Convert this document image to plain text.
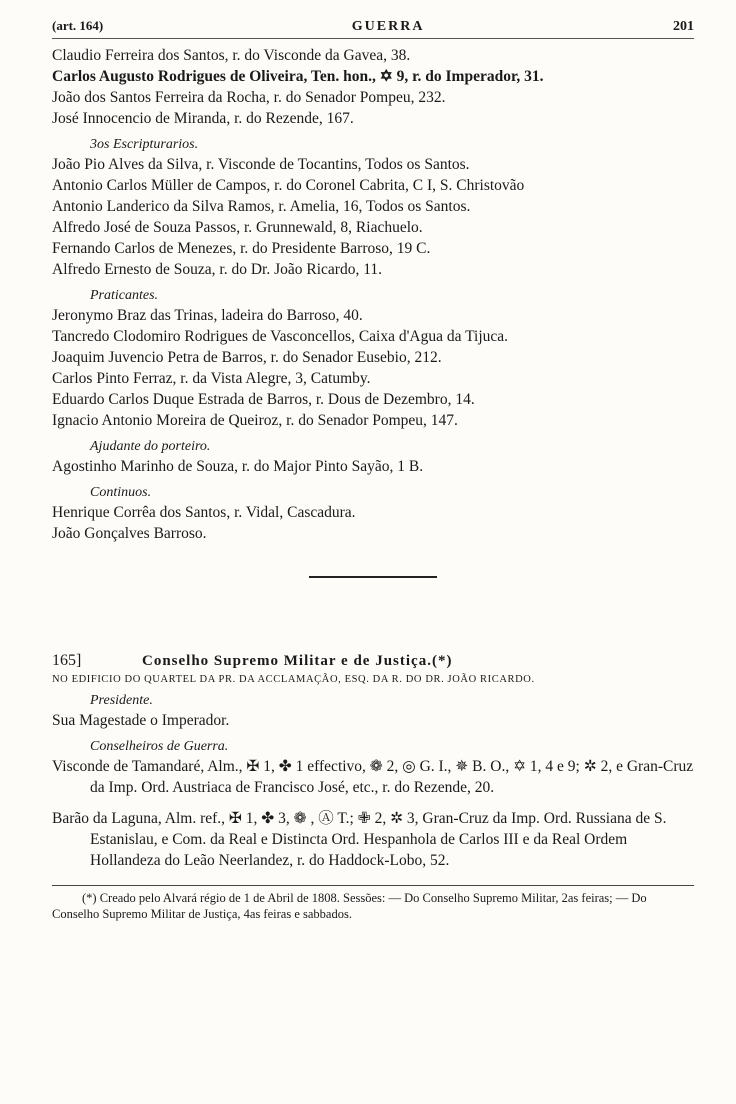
(art. 164)	GUERRA	201
Claudio Ferreira dos Santos, r. do Visconde da Gavea, 38.
Carlos Augusto Rodrigues de Oliveira, Ten. hon., ✡ 9, r. do Imperador, 31.
João dos Santos Ferreira da Rocha, r. do Senador Pompeu, 232.
José Innocencio de Miranda, r. do Rezende, 167.
3os Escripturarios.
João Pio Alves da Silva, r. Visconde de Tocantins, Todos os Santos.
Antonio Carlos Müller de Campos, r. do Coronel Cabrita, C I, S. Christovão
Antonio Landerico da Silva Ramos, r. Amelia, 16, Todos os Santos.
Alfredo José de Souza Passos, r. Grunnewald, 8, Riachuelo.
Fernando Carlos de Menezes, r. do Presidente Barroso, 19 C.
Alfredo Ernesto de Souza, r. do Dr. João Ricardo, 11.
Praticantes.
Jeronymo Braz das Trinas, ladeira do Barroso, 40.
Tancredo Clodomiro Rodrigues de Vasconcellos, Caixa d'Agua da Tijuca.
Joaquim Juvencio Petra de Barros, r. do Senador Eusebio, 212.
Carlos Pinto Ferraz, r. da Vista Alegre, 3, Catumby.
Eduardo Carlos Duque Estrada de Barros, r. Dous de Dezembro, 14.
Ignacio Antonio Moreira de Queiroz, r. do Senador Pompeu, 147.
Ajudante do porteiro.
Agostinho Marinho de Souza, r. do Major Pinto Sayão, 1 B.
Continuos.
Henrique Corrêa dos Santos, r. Vidal, Cascadura.
João Gonçalves Barroso.
165]	Conselho Supremo Militar e de Justiça.(*)
NO EDIFICIO DO QUARTEL DA PR. DA ACCLAMAÇÃO, ESQ. DA R. DO DR. JOÃO RICARDO.
Presidente.
Sua Magestade o Imperador.
Conselheiros de Guerra.
Visconde de Tamandaré, Alm., ✠ 1, ✤ 1 effectivo, ❁ 2, ◎ G. I., ✵ B. O., ✡ 1, 4 e 9; ✲ 2, e Gran-Cruz da Imp. Ord. Austriaca de Francisco José, etc., r. do Rezende, 20.
Barão da Laguna, Alm. ref., ✠ 1, ✤ 3, ❁ , Ⓐ T.; ✙ 2, ✲ 3, Gran-Cruz da Imp. Ord. Russiana de S. Estanislau, e Com. da Real e Distincta Ord. Hespanhola de Carlos III e da Real Ordem Hollandeza do Leão Neerlandez, r. do Haddock-Lobo, 52.
(*) Creado pelo Alvará régio de 1 de Abril de 1808. Sessões: — Do Conselho Supremo Militar, 2as feiras; — Do Conselho Supremo Militar de Justiça, 4as feiras e sabbados.
